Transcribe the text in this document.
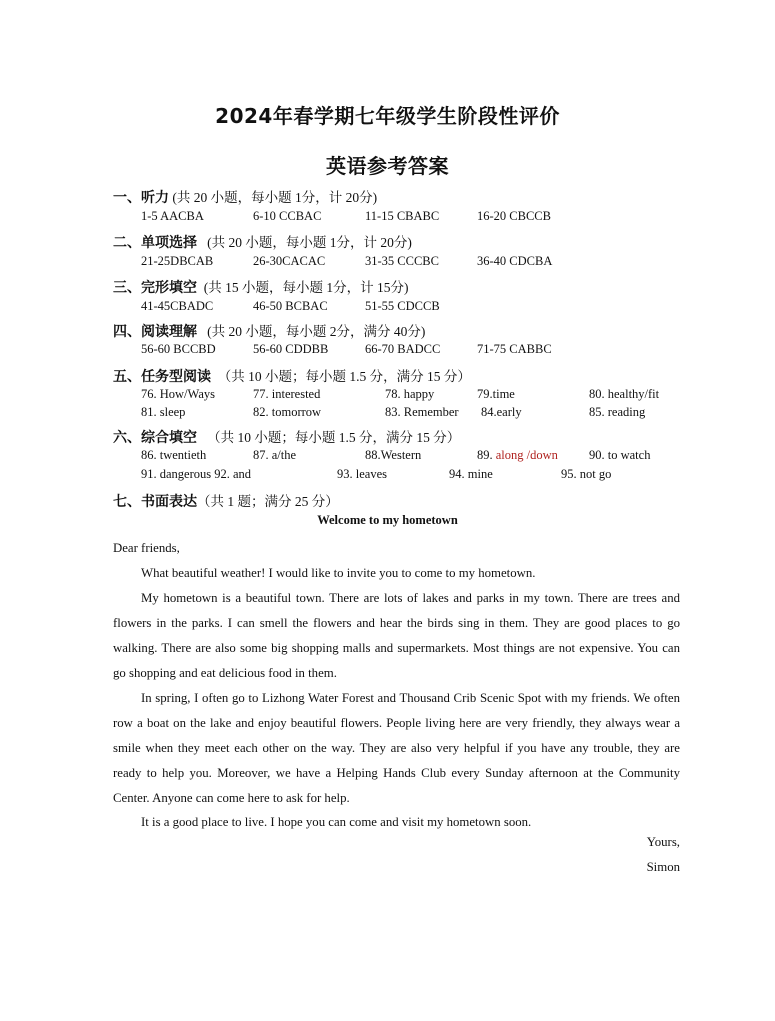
2024年春学期七年级学生阶段性评价
英语参考答案
一、听力 (共 20 小题，每小题 1分，计 20分)
1-5 AACBA	6-10 CCBAC	11-15 CBABC	16-20 CBCCB
二、单项选择 (共 20 小题，每小题 1分，计 20分)
21-25DBCAB	26-30CACAC	31-35 CCCBC	36-40 CDCBA
三、完形填空 (共 15 小题，每小题 1分，计 15分)
41-45CBADC	46-50 BCBAC	51-55 CDCCB
四、阅读理解 (共 20 小题，每小题 2分，满分 40分)
56-60 BCCBD	56-60 CDDBB	66-70 BADCC	71-75 CABBC
五、任务型阅读 （共 10 小题；每小题 1.5 分，满分 15 分）
76. How/Ways	77. interested	78. happy	79.time	80. healthy/fit
81. sleep	82. tomorrow	83. Remember 84.early	85. reading
六、综合填空 （共 10 小题；每小题 1.5 分，满分 15 分）
86. twentieth	87. a/the	88.Western	89. along /down 90. to watch
91. dangerous 92. and	93. leaves	94. mine	95. not go
七、书面表达（共 1 题；满分 25 分）
Welcome to my hometown
Dear friends,
What beautiful weather! I would like to invite you to come to my hometown.
My hometown is a beautiful town. There are lots of lakes and parks in my town. There are trees and flowers in the parks. I can smell the flowers and hear the birds sing in them. They are good places to go walking. There are also some big shopping malls and supermarkets. Most things are not expensive. You can go shopping and eat delicious food in them.
In spring, I often go to Lizhong Water Forest and Thousand Crib Scenic Spot with my friends. We often row a boat on the lake and enjoy beautiful flowers. People living here are very friendly, they always wear a smile when they meet each other on the way. They are also very helpful if you have any trouble, they are ready to help you. Moreover, we have a Helping Hands Club every Sunday afternoon at the Community Center. Anyone can come here to ask for help.
It is a good place to live. I hope you can come and visit my hometown soon.
Yours,
Simon
